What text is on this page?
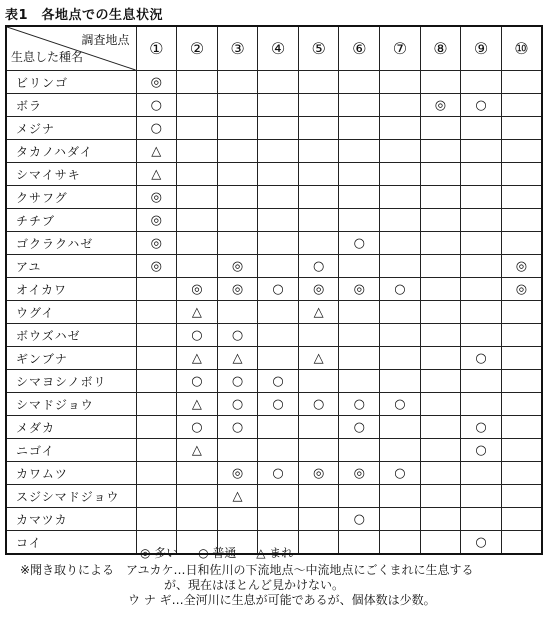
表1　各地点での生息状況
調査地点
生息した種名	①	②	③	④	⑤	⑥	⑦	⑧	⑨	⑩
ビリンゴ	◎									
ボラ	○							◎	○	
メジナ	○									
タカノハダイ	△									
シマイサキ	△									
クサフグ	◎									
チチブ	◎									
ゴクラクハゼ	◎					○				
アユ	◎		◎		○					◎
オイカワ		◎	◎	○	◎	◎	○			◎
ウグイ		△			△					
ボウズハゼ		○	○							
ギンブナ		△	△		△				○	
シマヨシノボリ		○	○	○						
シマドジョウ		△	○	○	○	○	○			
メダカ		○	○			○			○	
ニゴイ		△							○	
カワムツ			◎	○	◎	◎	○			
スジシマドジョウ			△							
カマツカ						○				
コイ									○	
◎ 多い ○ 普通 △ まれ
※聞き取りによる　アユカケ…日和佐川の下流地点〜中流地点にごくまれに生息する
　　　　　　　　　　　　が、現在はほとんど見かけない。
　　　　　　　　　ウ ナ ギ…全河川に生息が可能であるが、個体数は少数。
